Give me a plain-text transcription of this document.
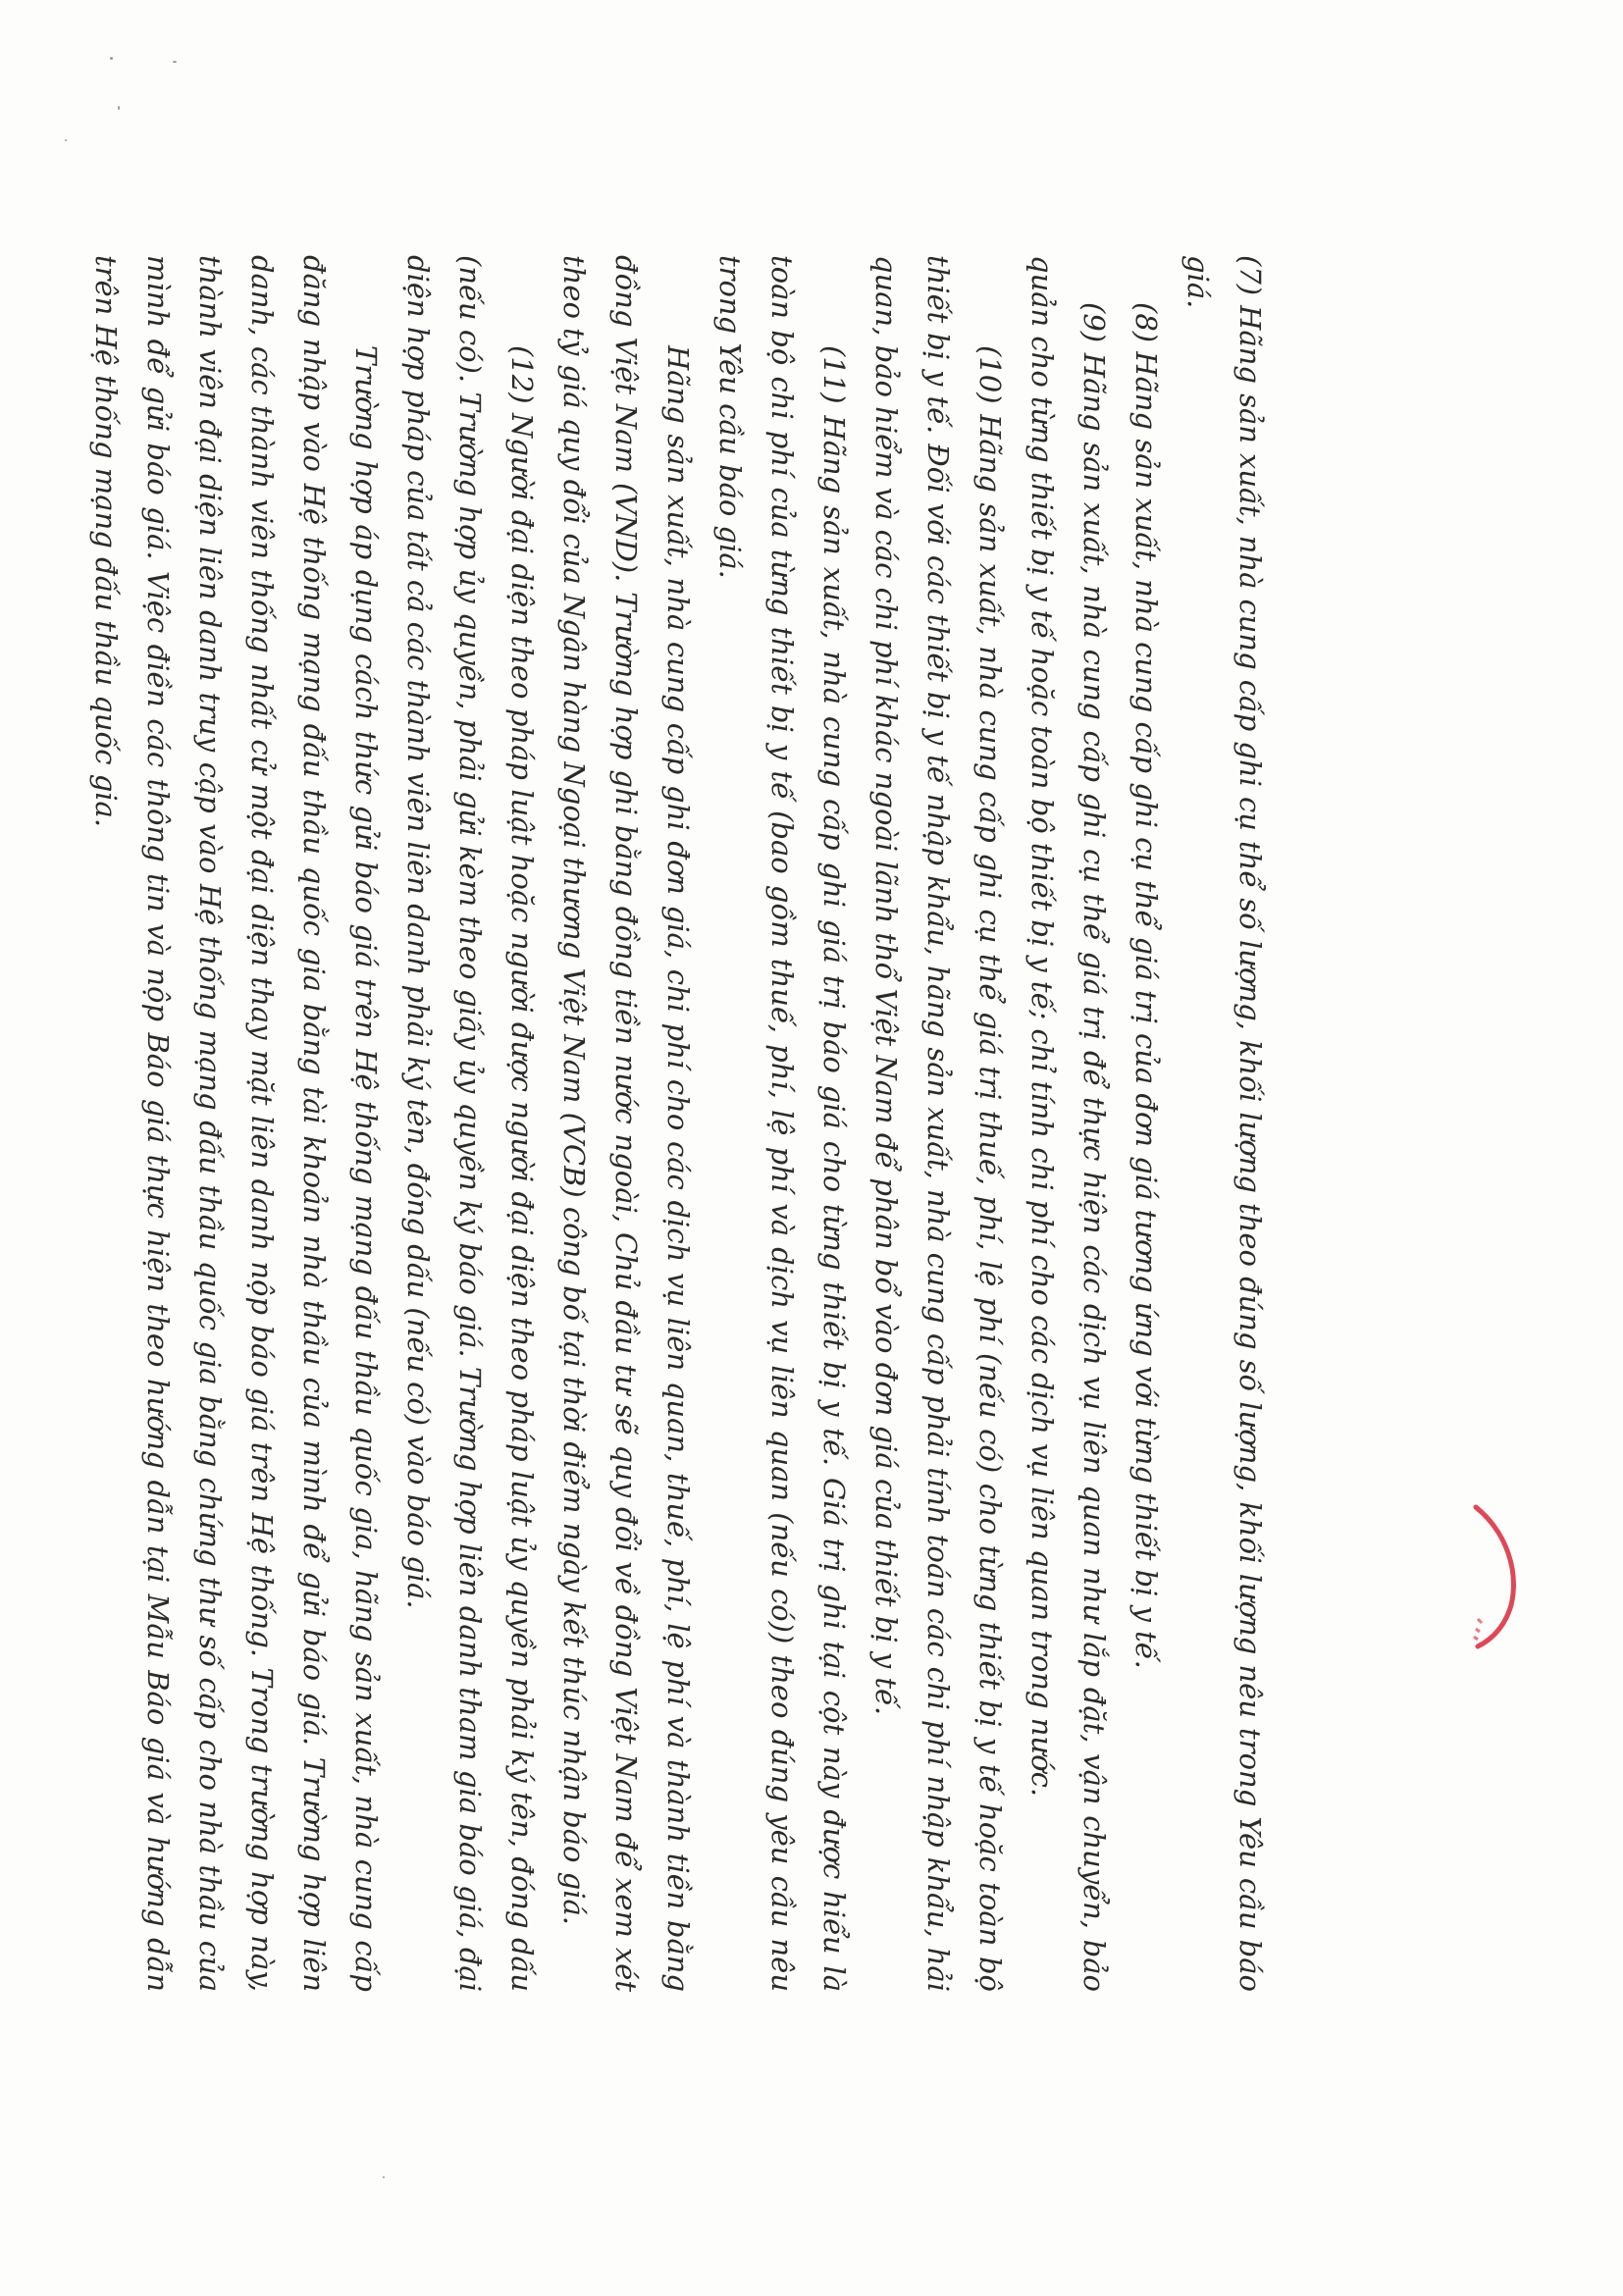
(7) Hãng sản xuất, nhà cung cấp ghi cụ thể số lượng, khối lượng theo đúng số lượng, khối lượng nêu trong Yêu cầu báo giá.

(8) Hãng sản xuất, nhà cung cấp ghi cụ thể giá trị của đơn giá tương ứng với từng thiết bị y tế.

(9) Hãng sản xuất, nhà cung cấp ghi cụ thể giá trị để thực hiện các dịch vụ liên quan như lắp đặt, vận chuyển, bảo quản cho từng thiết bị y tế hoặc toàn bộ thiết bị y tế; chỉ tính chi phí cho các dịch vụ liên quan trong nước.

(10) Hãng sản xuất, nhà cung cấp ghi cụ thể giá trị thuế, phí, lệ phí (nếu có) cho từng thiết bị y tế hoặc toàn bộ thiết bị y tế. Đối với các thiết bị y tế nhập khẩu, hãng sản xuất, nhà cung cấp phải tính toán các chi phí nhập khẩu, hải quan, bảo hiểm và các chi phí khác ngoài lãnh thổ Việt Nam để phân bổ vào đơn giá của thiết bị y tế.

(11) Hãng sản xuất, nhà cung cấp ghi giá trị báo giá cho từng thiết bị y tế. Giá trị ghi tại cột này được hiểu là toàn bộ chi phí của từng thiết bị y tế (bao gồm thuế, phí, lệ phí và dịch vụ liên quan (nếu có)) theo đúng yêu cầu nêu trong Yêu cầu báo giá.

Hãng sản xuất, nhà cung cấp ghi đơn giá, chi phí cho các dịch vụ liên quan, thuế, phí, lệ phí và thành tiền bằng đồng Việt Nam (VND). Trường hợp ghi bằng đồng tiền nước ngoài, Chủ đầu tư sẽ quy đổi về đồng Việt Nam để xem xét theo tỷ giá quy đổi của Ngân hàng Ngoại thương Việt Nam (VCB) công bố tại thời điểm ngày kết thúc nhận báo giá.

(12) Người đại diện theo pháp luật hoặc người được người đại diện theo pháp luật ủy quyền phải ký tên, đóng dấu (nếu có). Trường hợp ủy quyền, phải gửi kèm theo giấy ủy quyền ký báo giá. Trường hợp liên danh tham gia báo giá, đại diện hợp pháp của tất cả các thành viên liên danh phải ký tên, đóng dấu (nếu có) vào báo giá.

Trường hợp áp dụng cách thức gửi báo giá trên Hệ thống mạng đấu thầu quốc gia, hãng sản xuất, nhà cung cấp đăng nhập vào Hệ thống mạng đấu thầu quốc gia bằng tài khoản nhà thầu của mình để gửi báo giá. Trường hợp liên danh, các thành viên thống nhất cử một đại diện thay mặt liên danh nộp báo giá trên Hệ thống. Trong trường hợp này, thành viên đại diện liên danh truy cập vào Hệ thống mạng đấu thầu quốc gia bằng chứng thư số cấp cho nhà thầu của mình để gửi báo giá. Việc điền các thông tin và nộp Báo giá thực hiện theo hướng dẫn tại Mẫu Báo giá và hướng dẫn trên Hệ thống mạng đấu thầu quốc gia.
